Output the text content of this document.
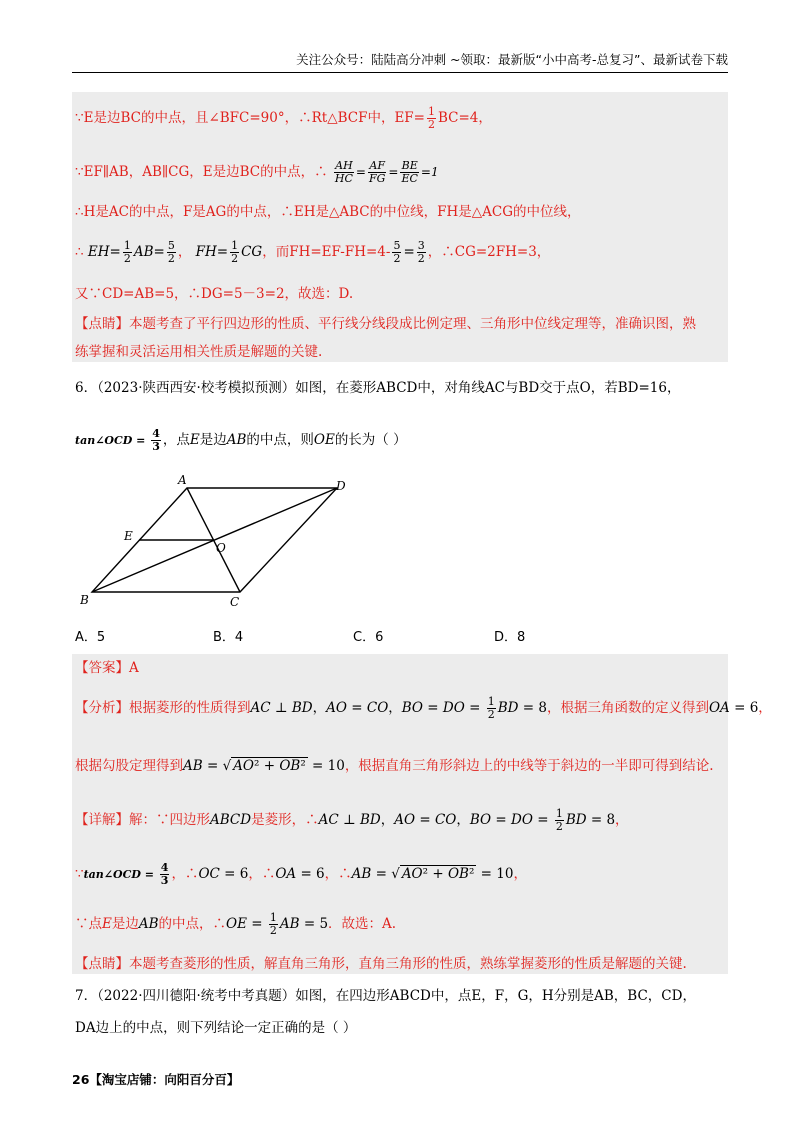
关注公众号：陆陆高分冲刺 ~领取：最新版“小中高考-总复习”、最新试卷下载
∵E是边BC的中点，且∠BFC=90°，∴Rt△BCF中，$EF= \frac{1}{2} BC=4$，
∵EF∥AB，AB∥CG，E是边BC的中点，∴ $\frac{AH}{HC} = \frac{AF}{FG} = \frac{BE}{EC} =1$
∴H是AC的中点，F是AG的中点，∴EH是△ABC的中位线，FH是△ACG的中位线，
∴ $EH= \frac{1}{2} AB= \frac{5}{2}$ ， $FH= \frac{1}{2}$ CG，而$FH=EF-FH=4- \frac{5}{2} = \frac{3}{2}$ ，∴CG=2FH=3，
又∵CD=AB=5，∴DG=5－3=2，故选：D.
【点睛】本题考查了平行四边形的性质、平行线分线段成比例定理、三角形中位线定理等，准确识图，熟
练掌握和灵活运用相关性质是解题的关键.
6．（2023·陕西西安·校考模拟预测）如图，在菱形ABCD中，对角线AC与BD交于点O，若BD=16，
tan∠OCD = $\frac{4}{3}$ ，点E是边AB的中点，则OE的长为（ ）
A
B	C
D
E
O
A．5	B．4	C．6	D．8
【答案】A
【分析】根据菱形的性质得到AC ⊥ BD，AO = CO，BO = DO = $\frac{1}{2}$ BD = 8，根据三角函数的定义得到OA = 6，
根据勾股定理得到AB = √ AO² + OB² = 10，根据直角三角形斜边上的中线等于斜边的一半即可得到结论.
【详解】解：∵四边形ABCD是菱形，∴AC ⊥ BD，AO = CO，BO = DO = $\frac{1}{2}$ BD = 8，
∵tan∠OCD = $\frac{4}{3}$ ，∴OC = 6，∴OA = 6，∴AB = √ AO² + OB² = 10，
∵点E是边AB的中点，∴OE = $\frac{1}{2}$ AB = 5．故选：A.
【点睛】本题考查菱形的性质，解直角三角形，直角三角形的性质，熟练掌握菱形的性质是解题的关键.
7．（2022·四川德阳·统考中考真题）如图，在四边形ABCD中，点E，F，G，H分别是AB，BC，CD，
DA边上的中点，则下列结论一定正确的是（ ）
26【淘宝店铺：向阳百分百】
